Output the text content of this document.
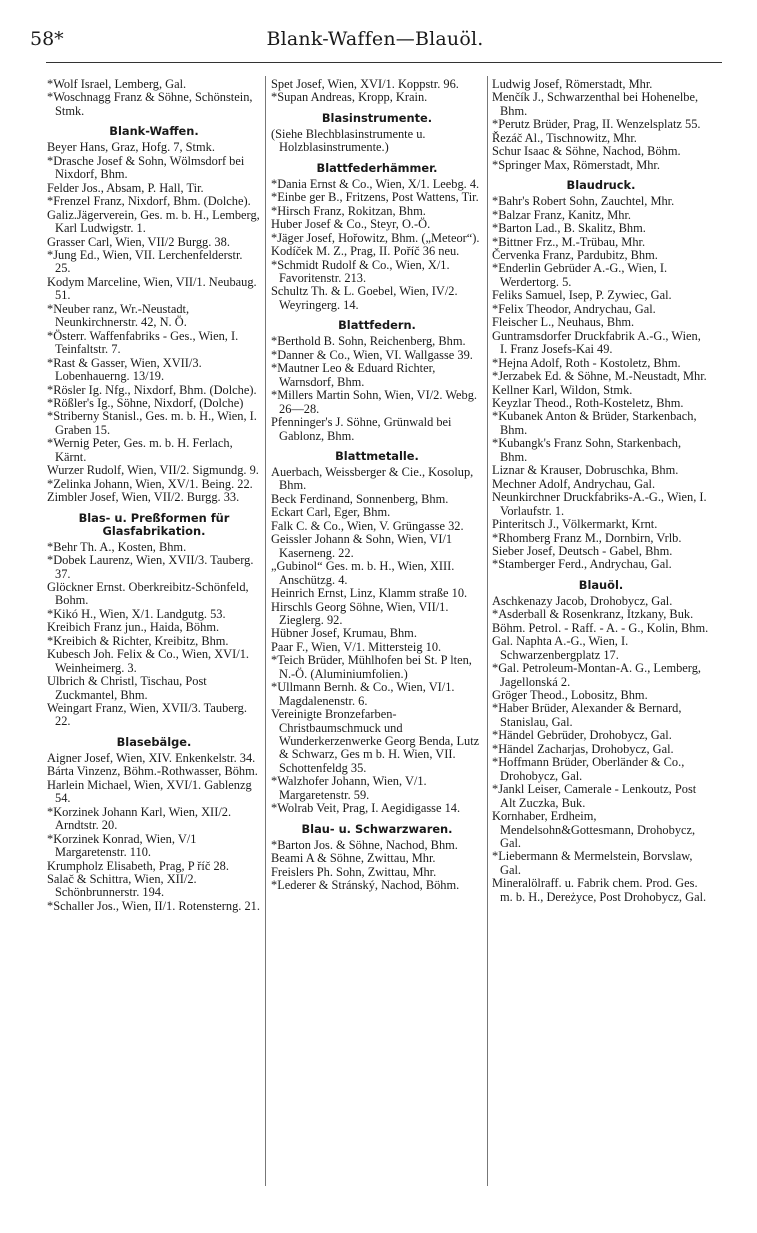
Blank-Waffen—Blauöl.
58*
*Wolf Israel, Lemberg, Gal.
*Woschnagg Franz & Söhne, Schönstein, Stmk.
Blank-Waffen.
Beyer Hans, Graz, Hofg. 7, Stmk.
*Drasche Josef & Sohn, Wölmsdorf bei Nixdorf, Bhm.
Felder Jos., Absam, P. Hall, Tir.
*Frenzel Franz, Nixdorf, Bhm. (Dolche).
Galiz.Jägerverein, Ges. m. b. H., Lemberg, Karl Ludwigstr. 1.
Grasser Carl, Wien, VII/2 Burgg. 38.
*Jung Ed., Wien, VII. Lerchenfelderstr. 25.
Kodym Marceline, Wien, VII/1. Neubaug. 51.
*Neuber ranz, Wr.-Neustadt, Neunkirchnerstr. 42, N. Ö.
*Österr. Waffenfabriks - Ges., Wien, I. Teinfaltstr. 7.
*Rast & Gasser, Wien, XVII/3. Lobenhauerng. 13/19.
*Rösler Ig. Nfg., Nixdorf, Bhm. (Dolche).
*Rößler's Ig., Söhne, Nixdorf, (Dolche)
*Striberny Stanisl., Ges. m. b. H., Wien, I. Graben 15.
*Wernig Peter, Ges. m. b. H. Ferlach, Kärnt.
Wurzer Rudolf, Wien, VII/2. Sigmundg. 9.
*Zelinka Johann, Wien, XV/1. Being. 22.
Zimbler Josef, Wien, VII/2. Burgg. 33.
Blas- u. Preßformen für Glasfabrikation.
*Behr Th. A., Kosten, Bhm.
*Dobek Laurenz, Wien, XVII/3. Tauberg. 37.
Glöckner Ernst. Oberkreibitz-Schönfeld, Bohm.
*Kikó H., Wien, X/1. Landgutg. 53.
Kreibich Franz jun., Haida, Böhm.
*Kreibich & Richter, Kreibitz, Bhm.
Kubesch Joh. Felix & Co., Wien, XVI/1. Weinheimerg. 3.
Ulbrich & Christl, Tischau, Post Zuckmantel, Bhm.
Weingart Franz, Wien, XVII/3. Tauberg. 22.
Blasebälge.
Aigner Josef, Wien, XIV. Enkenkelstr. 34.
Bárta Vinzenz, Böhm.-Rothwasser, Böhm.
Harlein Michael, Wien, XVI/1. Gablenzg 54.
*Korzinek Johann Karl, Wien, XII/2. Arndtstr. 20.
*Korzinek Konrad, Wien, V/1 Margaretenstr. 110.
Krumpholz Elisabeth, Prag, P říč 28.
Salač & Schittra, Wien, XII/2. Schönbrunnerstr. 194.
*Schaller Jos., Wien, II/1. Rotensterng. 21.
Spet Josef, Wien, XVI/1. Koppstr. 96.
*Supan Andreas, Kropp, Krain.
Blasinstrumente.
(Siehe Blechblasinstrumente u. Holzblasinstrumente.)
Blattfederhämmer.
*Dania Ernst & Co., Wien, X/1. Leebg. 4.
*Einbe ger B., Fritzens, Post Wattens, Tir.
*Hirsch Franz, Rokitzan, Bhm.
Huber Josef & Co., Steyr, O.-Ö.
*Jäger Josef, Hořowitz, Bhm. („Meteor“).
Kodíček M. Z., Prag, II. Poříč 36 neu.
*Schmidt Rudolf & Co., Wien, X/1. Favoritenstr. 213.
Schultz Th. & L. Goebel, Wien, IV/2. Weyringerg. 14.
Blattfedern.
*Berthold B. Sohn, Reichenberg, Bhm.
*Danner & Co., Wien, VI. Wallgasse 39.
*Mautner Leo & Eduard Richter, Warnsdorf, Bhm.
*Millers Martin Sohn, Wien, VI/2. Webg. 26—28.
Pfenninger's J. Söhne, Grünwald bei Gablonz, Bhm.
Blattmetalle.
Auerbach, Weissberger & Cie., Kosolup, Bhm.
Beck Ferdinand, Sonnenberg, Bhm.
Eckart Carl, Eger, Bhm.
Falk C. & Co., Wien, V. Grüngasse 32.
Geissler Johann & Sohn, Wien, VI/1 Kaserneng. 22.
„Gubinol“ Ges. m. b. H., Wien, XIII. Anschützg. 4.
Heinrich Ernst, Linz, Klamm straße 10.
Hirschls Georg Söhne, Wien, VII/1. Zieglerg. 92.
Hübner Josef, Krumau, Bhm.
Paar F., Wien, V/1. Mittersteig 10.
*Teich Brüder, Mühlhofen bei St. P lten, N.-Ö. (Aluminiumfolien.)
*Ullmann Bernh. & Co., Wien, VI/1. Magdalenenstr. 6.
Vereinigte Bronzefarben-Christbaumschmuck und Wunderkerzenwerke Georg Benda, Lutz & Schwarz, Ges m b. H. Wien, VII. Schottenfeldg 35.
*Walzhofer Johann, Wien, V/1. Margaretenstr. 59.
*Wolrab Veit, Prag, I. Aegidigasse 14.
Blau- u. Schwarzwaren.
*Barton Jos. & Söhne, Nachod, Bhm.
Beami A & Söhne, Zwittau, Mhr.
Freislers Ph. Sohn, Zwittau, Mhr.
*Lederer & Stránský, Nachod, Böhm.
Ludwig Josef, Römerstadt, Mhr.
Menčík J., Schwarzenthal bei Hohenelbe, Bhm.
*Perutz Brüder, Prag, II. Wenzelsplatz 55.
Řezáč Al., Tischnowitz, Mhr.
Schur Isaac & Söhne, Nachod, Böhm.
*Springer Max, Römerstadt, Mhr.
Blaudruck.
*Bahr's Robert Sohn, Zauchtel, Mhr.
*Balzar Franz, Kanitz, Mhr.
*Barton Lad., B. Skalitz, Bhm.
*Bittner Frz., M.-Trübau, Mhr.
Červenka Franz, Pardubitz, Bhm.
*Enderlin Gebrüder A.-G., Wien, I. Werdertorg. 5.
Feliks Samuel, Isep, P. Zywiec, Gal.
*Felix Theodor, Andrychau, Gal.
Fleischer L., Neuhaus, Bhm.
Guntramsdorfer Druckfabrik A.-G., Wien, I. Franz Josefs-Kai 49.
*Hejna Adolf, Roth - Kostoletz, Bhm.
*Jerzabek Ed. & Söhne, M.-Neustadt, Mhr.
Kellner Karl, Wildon, Stmk.
Keyzlar Theod., Roth-Kosteletz, Bhm.
*Kubanek Anton & Brüder, Starkenbach, Bhm.
*Kubangk's Franz Sohn, Starkenbach, Bhm.
Liznar & Krauser, Dobruschka, Bhm.
Mechner Adolf, Andrychau, Gal.
Neunkirchner Druckfabriks-A.-G., Wien, I. Vorlaufstr. 1.
Pinteritsch J., Völkermarkt, Krnt.
*Rhomberg Franz M., Dornbirn, Vrlb.
Sieber Josef, Deutsch - Gabel, Bhm.
*Stamberger Ferd., Andrychau, Gal.
Blauöl.
Aschkenazy Jacob, Drohobycz, Gal.
*Asderball & Rosenkranz, Itzkany, Buk.
Böhm. Petrol. - Raff. - A. - G., Kolin, Bhm.
Gal. Naphta A.-G., Wien, I. Schwarzenbergplatz 17.
*Gal. Petroleum-Montan-A. G., Lemberg, Jagellonská 2.
Gröger Theod., Lobositz, Bhm.
*Haber Brüder, Alexander & Bernard, Stanislau, Gal.
*Händel Gebrüder, Drohobycz, Gal.
*Händel Zacharjas, Drohobycz, Gal.
*Hoffmann Brüder, Oberländer & Co., Drohobycz, Gal.
*Jankl Leiser, Camerale - Lenkoutz, Post Alt Zuczka, Buk.
Kornhaber, Erdheim, Mendelsohn&Gottesmann, Drohobycz, Gal.
*Liebermann & Mermelstein, Borvslaw, Gal.
Mineralölraff. u. Fabrik chem. Prod. Ges. m. b. H., Dereżyce, Post Drohobycz, Gal.
